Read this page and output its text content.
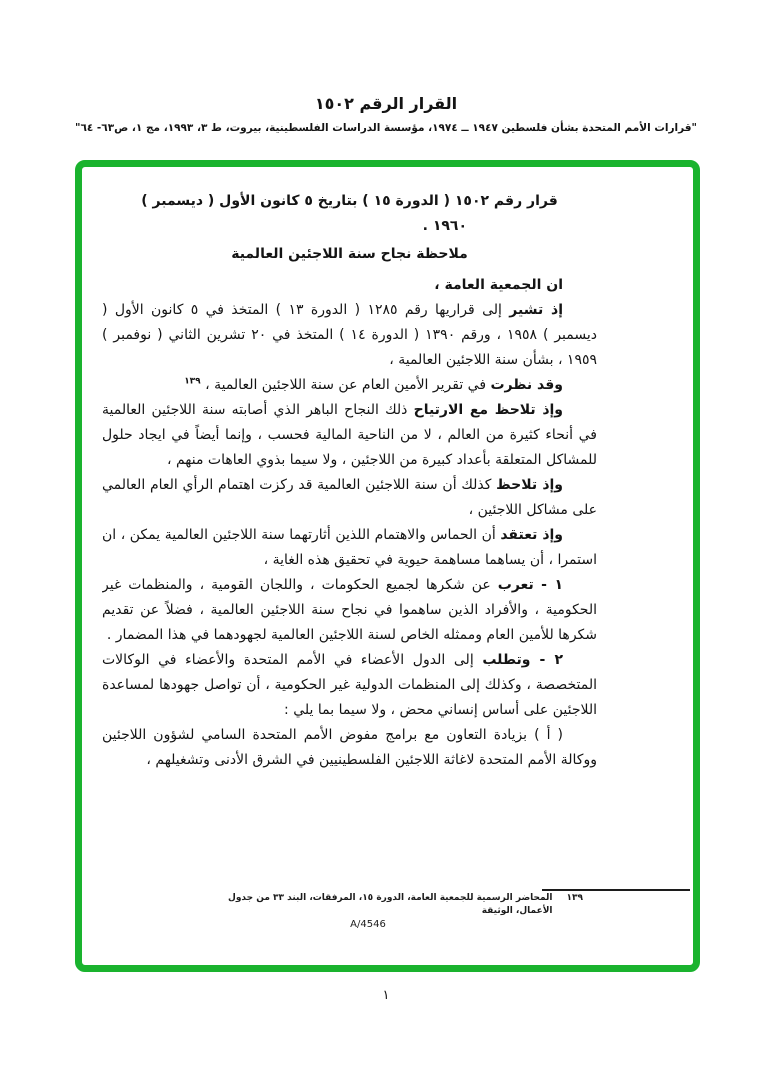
القرار الرقم ١٥٠٢
"قرارات الأمم المتحدة بشأن فلسطين ١٩٤٧ ــ ١٩٧٤، مؤسسة الدراسات الفلسطينية، بيروت، ط ٣، ١٩٩٣، مج ١، ص٦٣- ٦٤"
قرار رقم ١٥٠٢ ( الدورة ١٥ ) بتاريخ ٥ كانون الأول ( ديسمبر )
١٩٦٠ .
ملاحظة نجاح سنة اللاجئين العالمية

ان الجمعية العامة ،

إذ تشير إلى قراريها رقم ١٢٨٥ ( الدورة ١٣ ) المتخذ في ٥ كانون الأول ( ديسمبر ) ١٩٥٨ ، ورقم ١٣٩٠ ( الدورة ١٤ ) المتخذ في ٢٠ تشرين الثاني ( نوفمبر ) ١٩٥٩ ، بشأن سنة اللاجئين العالمية ،

وقد نظرت في تقرير الأمين العام عن سنة اللاجئين العالمية ، $^{١٣٩}$

وإذ تلاحظ مع الارتياح ذلك النجاح الباهر الذي أصابته سنة اللاجئين العالمية في أنحاء كثيرة من العالم ، لا من الناحية المالية فحسب ، وإنما أيضاً في ايجاد حلول للمشاكل المتعلقة بأعداد كبيرة من اللاجئين ، ولا سيما بذوي العاهات منهم ،

وإذ تلاحظ كذلك أن سنة اللاجئين العالمية قد ركزت اهتمام الرأي العام العالمي على مشاكل اللاجئين ،

وإذ تعتقد أن الحماس والاهتمام اللذين أثارتهما سنة اللاجئين العالمية يمكن ، ان استمرا ، أن يساهما مساهمة حيوية في تحقيق هذه الغاية ،

١ - تعرب عن شكرها لجميع الحكومات ، واللجان القومية ، والمنظمات غير الحكومية ، والأفراد الذين ساهموا في نجاح سنة اللاجئين العالمية ، فضلاً عن تقديم شكرها للأمين العام وممثله الخاص لسنة اللاجئين العالمية لجهودهما في هذا المضمار .

٢ - وتطلب إلى الدول الأعضاء في الأمم المتحدة والأعضاء في الوكالات المتخصصة ، وكذلك إلى المنظمات الدولية غير الحكومية ، أن تواصل جهودها لمساعدة اللاجئين على أساس إنساني محض ، ولا سيما بما يلي :

( أ ) بزيادة التعاون مع برامج مفوض الأمم المتحدة السامي لشؤون اللاجئين ووكالة الأمم المتحدة لاغاثة اللاجئين الفلسطينيين في الشرق الأدنى وتشغيلهم ،

١٣٩
المحاضر الرسمية للجمعية العامة، الدورة ١٥، المرفقات، البند ٣٣ من جدول الأعمال، الوثيقة
A/4546
١
